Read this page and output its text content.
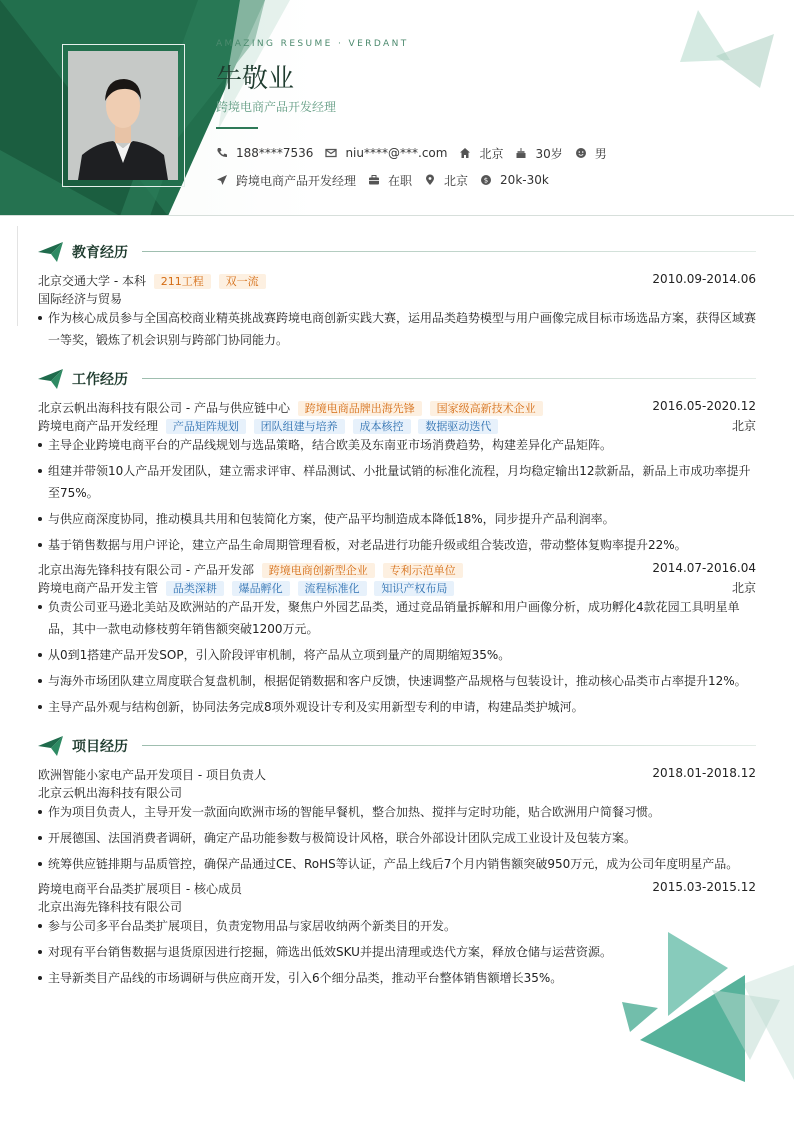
AMAZING RESUME · VERDANT
牛敬业
跨境电商产品开发经理
188****7536	niu****@***.com	北京	30岁	男
跨境电商产品开发经理	在职	北京 $ 20k-30k
教育经历
北京交通大学 - 本科 211工程 双一流	2010.09-2014.06
国际经济与贸易
作为核心成员参与全国高校商业精英挑战赛跨境电商创新实践大赛，运用品类趋势模型与用户画像完成目标市场选品方案，获得区域赛一等奖，锻炼了机会识别与跨部门协同能力。
工作经历
北京云帆出海科技有限公司 - 产品与供应链中心 跨境电商品牌出海先锋 国家级高新技术企业	2016.05-2020.12
跨境电商产品开发经理 产品矩阵规划 团队组建与培养 成本核控 数据驱动迭代	北京
主导企业跨境电商平台的产品线规划与选品策略，结合欧美及东南亚市场消费趋势，构建差异化产品矩阵。
组建并带领10人产品开发团队，建立需求评审、样品测试、小批量试销的标准化流程，月均稳定输出12款新品，新品上市成功率提升至75%。
与供应商深度协同，推动模具共用和包装简化方案，使产品平均制造成本降低18%，同步提升产品利润率。
基于销售数据与用户评论，建立产品生命周期管理看板，对老品进行功能升级或组合装改造，带动整体复购率提升22%。
北京出海先锋科技有限公司 - 产品开发部 跨境电商创新型企业 专利示范单位	2014.07-2016.04
跨境电商产品开发主管 品类深耕 爆品孵化 流程标准化 知识产权布局	北京
负责公司亚马逊北美站及欧洲站的产品开发，聚焦户外园艺品类，通过竞品销量拆解和用户画像分析，成功孵化4款花园工具明星单品，其中一款电动修枝剪年销售额突破1200万元。
从0到1搭建产品开发SOP，引入阶段评审机制，将产品从立项到量产的周期缩短35%。
与海外市场团队建立周度联合复盘机制，根据促销数据和客户反馈，快速调整产品规格与包装设计，推动核心品类市占率提升12%。
主导产品外观与结构创新，协同法务完成8项外观设计专利及实用新型专利的申请，构建品类护城河。
项目经历
欧洲智能小家电产品开发项目 - 项目负责人	2018.01-2018.12
北京云帆出海科技有限公司
作为项目负责人，主导开发一款面向欧洲市场的智能早餐机，整合加热、搅拌与定时功能，贴合欧洲用户简餐习惯。
开展德国、法国消费者调研，确定产品功能参数与极简设计风格，联合外部设计团队完成工业设计及包装方案。
统筹供应链排期与品质管控，确保产品通过CE、RoHS等认证，产品上线后7个月内销售额突破950万元，成为公司年度明星产品。
跨境电商平台品类扩展项目 - 核心成员	2015.03-2015.12
北京出海先锋科技有限公司
参与公司多平台品类扩展项目，负责宠物用品与家居收纳两个新类目的开发。
对现有平台销售数据与退货原因进行挖掘，筛选出低效SKU并提出清理或迭代方案，释放仓储与运营资源。
主导新类目产品线的市场调研与供应商开发，引入6个细分品类，推动平台整体销售额增长35%。
